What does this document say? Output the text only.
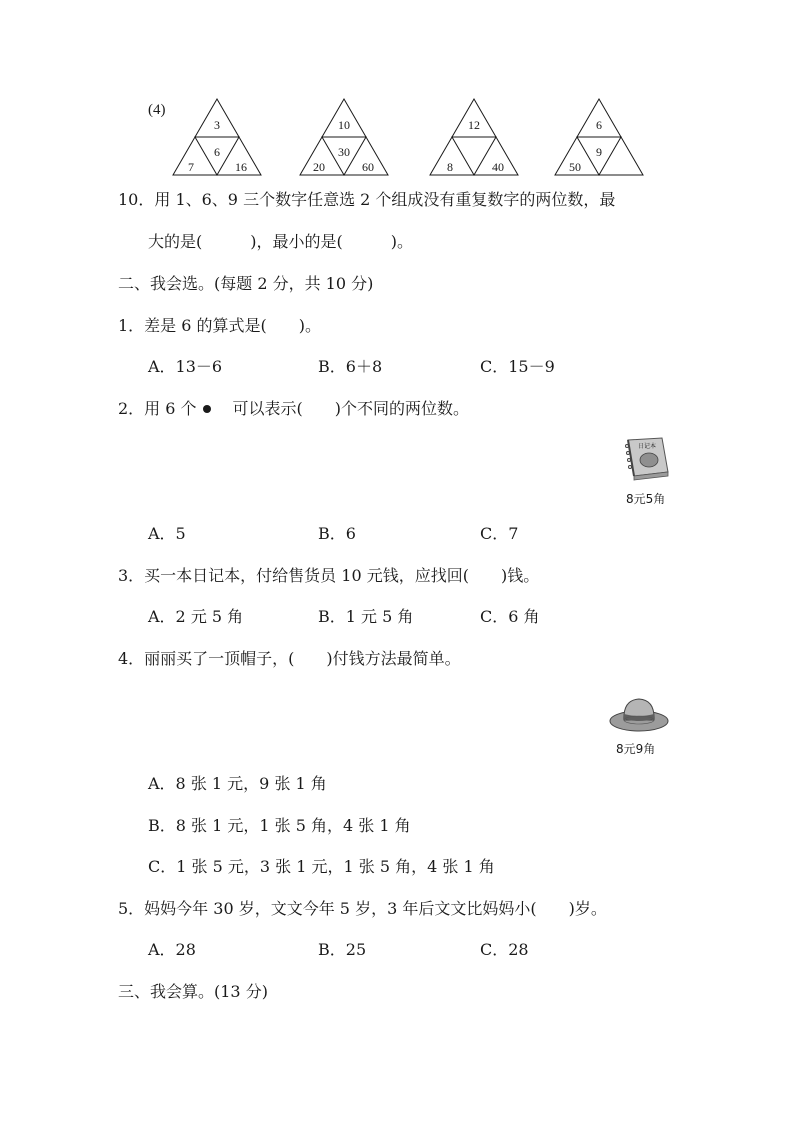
(4)
3
6
7	16
10
30
20	60
12
8	40
6
9
50
10．用 1、6、9 三个数字任意选 2 个组成没有重复数字的两位数，最
大的是(　　　)，最小的是(　　　)。
二、我会选。(每题 2 分，共 10 分)
1．差是 6 的算式是(　　)。
A．13－6	B．6＋8	C．15－9
2．用 6 个 可以表示(　　)个不同的两位数。
日记本
8元5角
A．5	B．6	C．7
3．买一本日记本，付给售货员 10 元钱，应找回(　　)钱。
A．2 元 5 角	B．1 元 5 角	C．6 角
4．丽丽买了一顶帽子，(　　)付钱方法最简单。
8元9角
A．8 张 1 元，9 张 1 角
B．8 张 1 元，1 张 5 角，4 张 1 角
C．1 张 5 元，3 张 1 元，1 张 5 角，4 张 1 角
5．妈妈今年 30 岁，文文今年 5 岁，3 年后文文比妈妈小(　　)岁。
A．28	B．25	C．28
三、我会算。(13 分)
